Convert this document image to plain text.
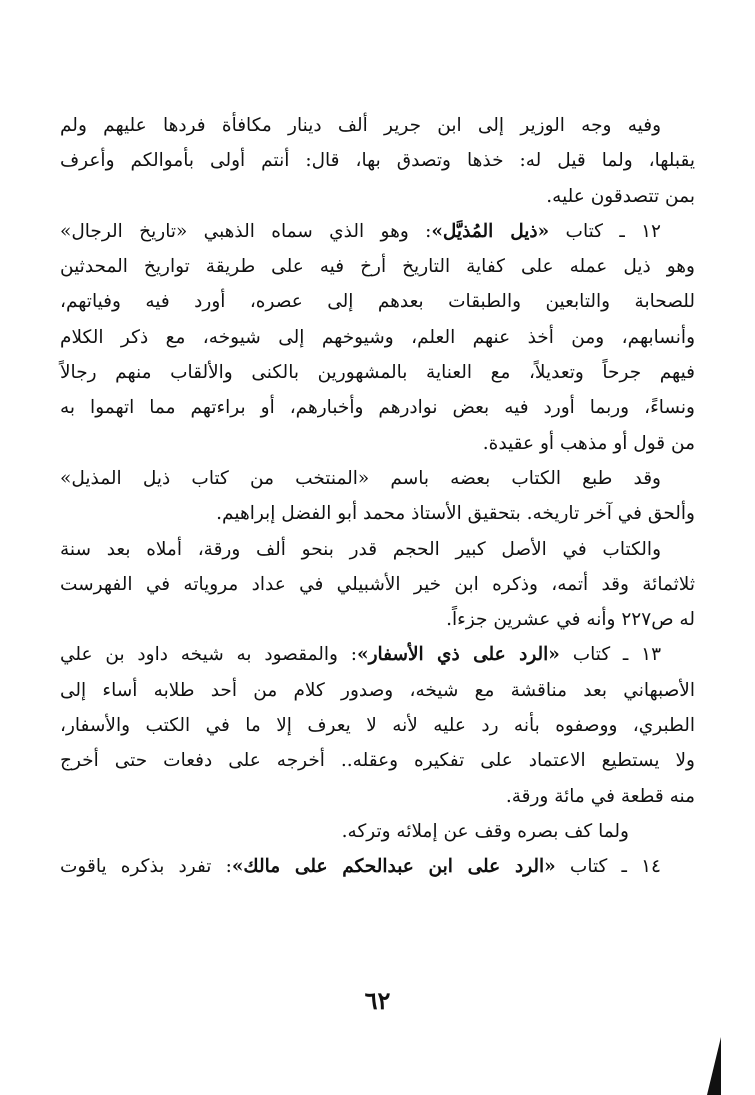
وفيه وجه الوزير إلى ابن جرير ألف دينار مكافأة فردها عليهم ولم
يقبلها، ولما قيل له: خذها وتصدق بها، قال: أنتم أولى بأموالكم وأعرف
بمن تتصدقون عليه.
١٢ ـ كتاب «ذيل المُذيَّل»: وهو الذي سماه الذهبي «تاريخ الرجال»
وهو ذيل عمله على كفاية التاريخ أرخ فيه على طريقة تواريخ المحدثين
للصحابة والتابعين والطبقات بعدهم إلى عصره، أورد فيه وفياتهم،
وأنسابهم، ومن أخذ عنهم العلم، وشيوخهم إلى شيوخه، مع ذكر الكلام
فيهم جرحاً وتعديلاً، مع العناية بالمشهورين بالكنى والألقاب منهم رجالاً
ونساءً، وربما أورد فيه بعض نوادرهم وأخبارهم، أو براءتهم مما اتهموا به
من قول أو مذهب أو عقيدة.
وقد طبع الكتاب بعضه باسم «المنتخب من كتاب ذيل المذيل»
وألحق في آخر تاريخه. بتحقيق الأستاذ محمد أبو الفضل إبراهيم.
والكتاب في الأصل كبير الحجم قدر بنحو ألف ورقة، أملاه بعد سنة
ثلاثمائة وقد أتمه، وذكره ابن خير الأشبيلي في عداد مروياته في الفهرست
له ص٢٢٧ وأنه في عشرين جزءاً.
١٣ ـ كتاب «الرد على ذي الأسفار»: والمقصود به شيخه داود بن علي
الأصبهاني بعد مناقشة مع شيخه، وصدور كلام من أحد طلابه أساء إلى
الطبري، ووصفوه بأنه رد عليه لأنه لا يعرف إلا ما في الكتب والأسفار،
ولا يستطيع الاعتماد على تفكيره وعقله.. أخرجه على دفعات حتى أخرج
منه قطعة في مائة ورقة.
ولما كف بصره وقف عن إملائه وتركه.
١٤ ـ كتاب «الرد على ابن عبدالحكم على مالك»: تفرد بذكره ياقوت
٦٢
